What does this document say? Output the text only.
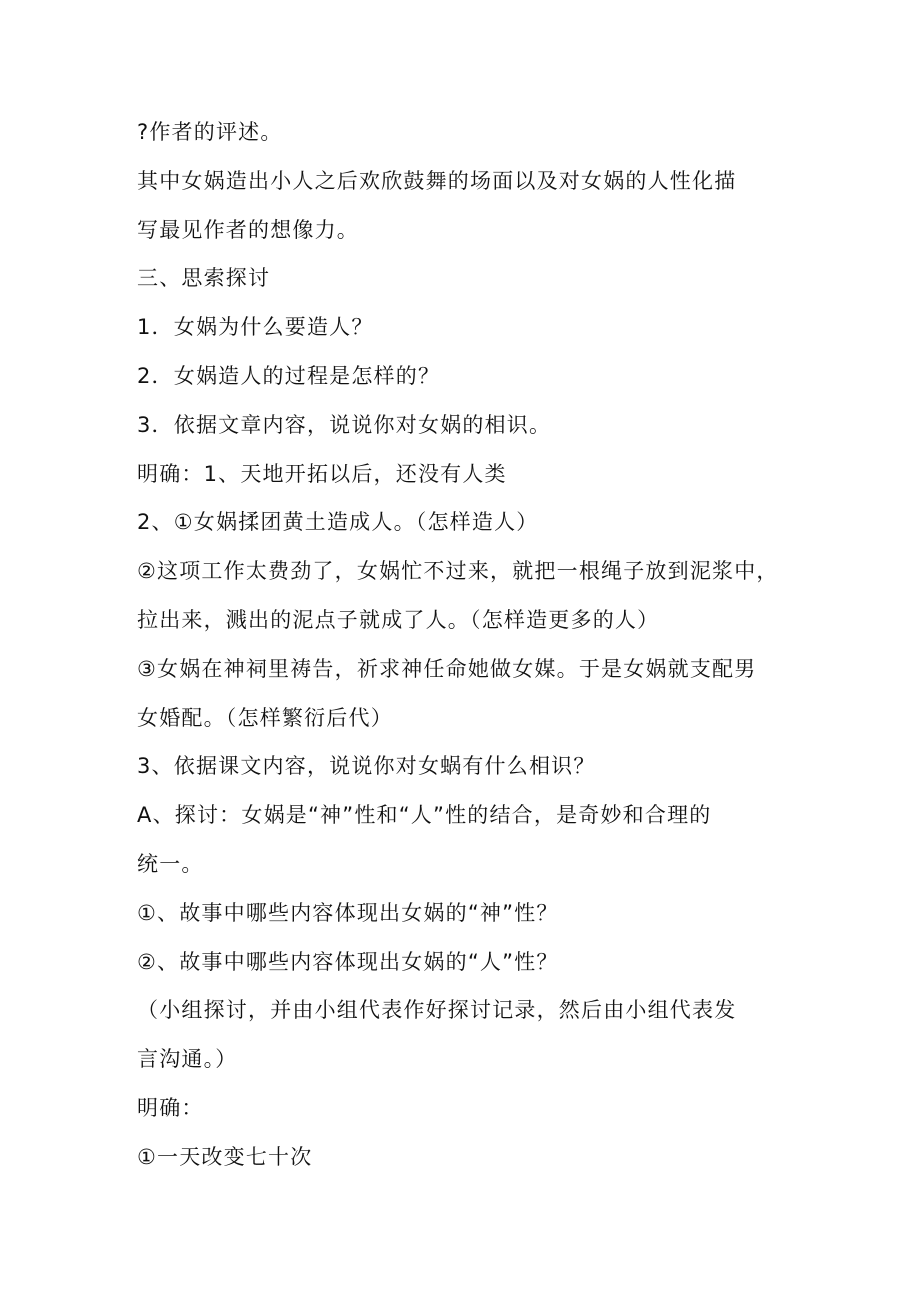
?作者的评述。
其中女娲造出小人之后欢欣鼓舞的场面以及对女娲的人性化描
写最见作者的想像力。
三、思索探讨
1．女娲为什么要造人？
2．女娲造人的过程是怎样的？
3．依据文章内容，说说你对女娲的相识。
明确：1、天地开拓以后，还没有人类
2、①女娲揉团黄土造成人。（怎样造人）
②这项工作太费劲了，女娲忙不过来，就把一根绳子放到泥浆中，
拉出来，溅出的泥点子就成了人。（怎样造更多的人）
③女娲在神祠里祷告，祈求神任命她做女媒。于是女娲就支配男
女婚配。（怎样繁衍后代）
3、依据课文内容，说说你对女蜗有什么相识？
A、探讨：女娲是“神”性和“人”性的结合，是奇妙和合理的
统一。
①、故事中哪些内容体现出女娲的“神”性？
②、故事中哪些内容体现出女娲的“人”性？
（小组探讨，并由小组代表作好探讨记录，然后由小组代表发
言沟通。）
明确：
①一天改变七十次
